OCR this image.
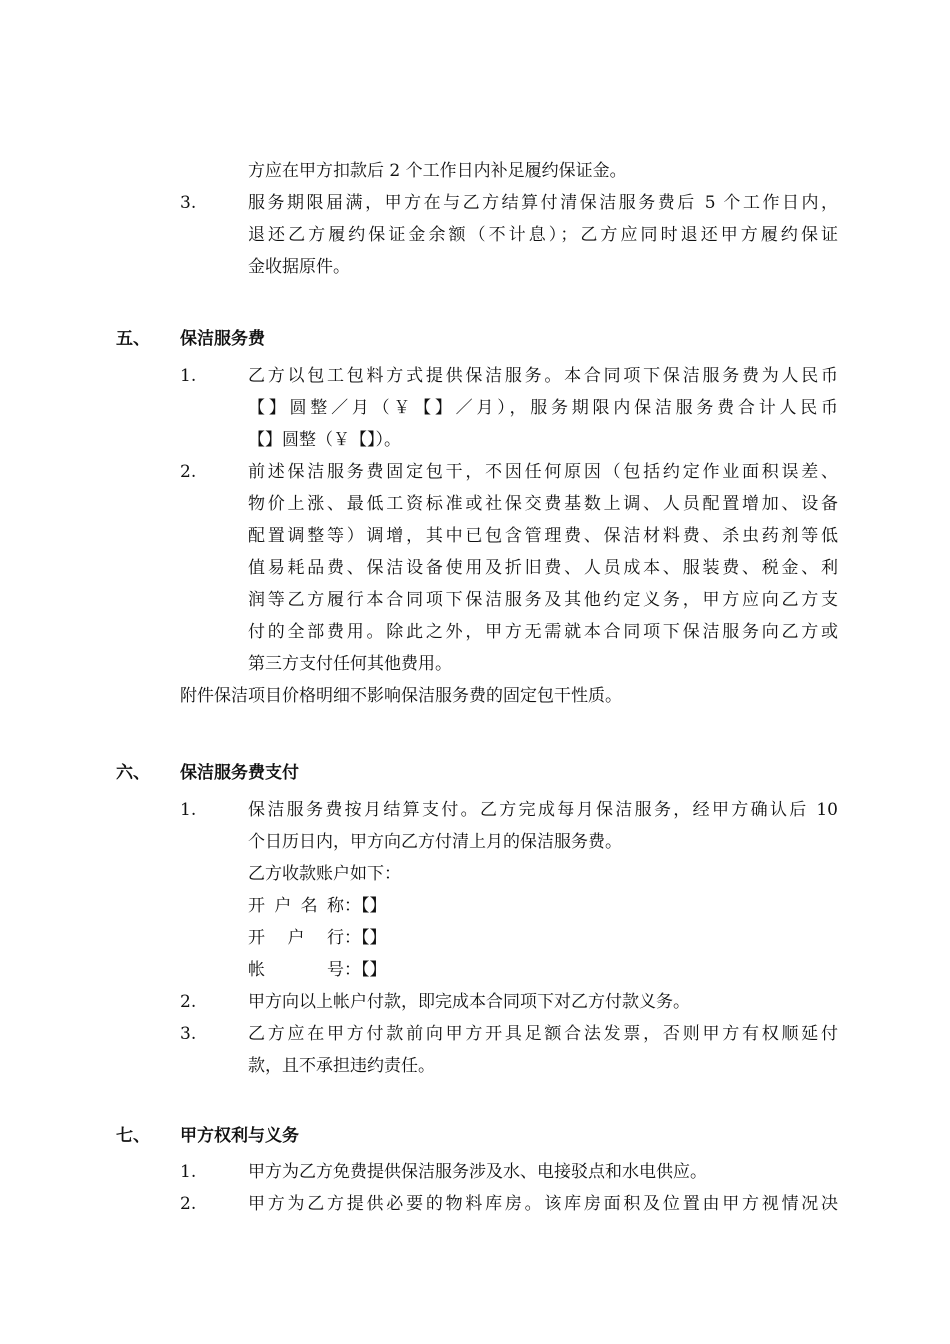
方应在甲方扣款后 2 个工作日内补足履约保证金。
3.	服务期限届满，甲方在与乙方结算付清保洁服务费后 5 个工作日内，
退还乙方履约保证金余额（不计息）；乙方应同时退还甲方履约保证
金收据原件。
五、 保洁服务费
1.	乙方以包工包料方式提供保洁服务。本合同项下保洁服务费为人民币
【】圆整／月（￥【】／月），服务期限内保洁服务费合计人民币
【】圆整（￥【】）。
2.	前述保洁服务费固定包干，不因任何原因（包括约定作业面积误差、
物价上涨、最低工资标准或社保交费基数上调、人员配置增加、设备
配置调整等）调增，其中已包含管理费、保洁材料费、杀虫药剂等低
值易耗品费、保洁设备使用及折旧费、人员成本、服装费、税金、利
润等乙方履行本合同项下保洁服务及其他约定义务，甲方应向乙方支
付的全部费用。除此之外，甲方无需就本合同项下保洁服务向乙方或
第三方支付任何其他费用。
附件保洁项目价格明细不影响保洁服务费的固定包干性质。
六、 保洁服务费支付
1.	保洁服务费按月结算支付。乙方完成每月保洁服务，经甲方确认后 10
个日历日内，甲方向乙方付清上月的保洁服务费。
乙方收款账户如下：
开户名称：【】
开户行：【】
帐号：【】
2.	甲方向以上帐户付款，即完成本合同项下对乙方付款义务。
3.	乙方应在甲方付款前向甲方开具足额合法发票，否则甲方有权顺延付
款，且不承担违约责任。
七、 甲方权利与义务
1.	甲方为乙方免费提供保洁服务涉及水、电接驳点和水电供应。
2.	甲方为乙方提供必要的物料库房。该库房面积及位置由甲方视情况决
